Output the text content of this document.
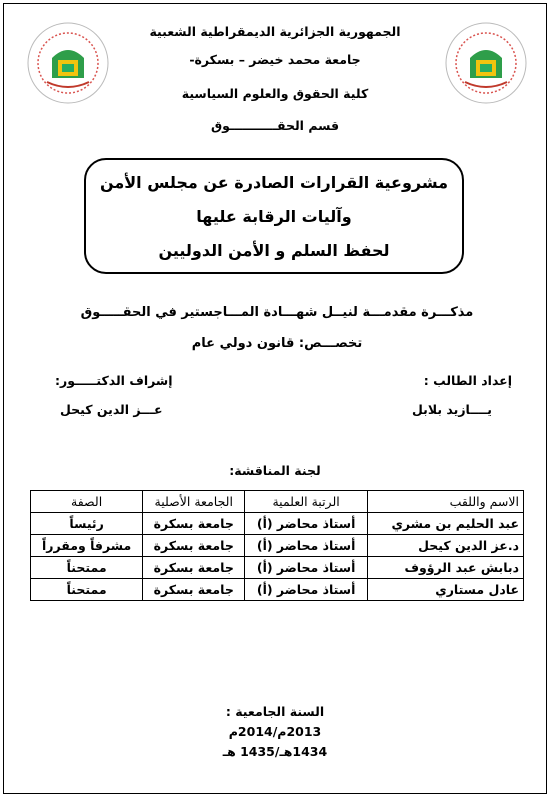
الجمهورية الجزائرية الديمقراطية الشعبية
جامعة محمد خيضر – بسكرة-
كلية الحقوق والعلوم السياسية
قسم الحقـــــــــــوق
مشروعية القرارات الصادرة عن مجلس الأمن
وآليات الرقابة عليها
لحفظ السلم و الأمن الدوليين
مذكـــرة مقدمـــة لنيــل شهـــادة المـــاجستير في الحقـــــوق
تخصـــص: قانون دولي عام
إعداد الطالب :
يــــازيد بلابل
إشراف الدكتـــــور:
عـــز الدين كيحل
لجنة المناقشة:
الاسم واللقب	الرتبة العلمية	الجامعة الأصلية	الصفة
عبد الحليم بن مشري	أستاذ محاضر (أ)	جامعة بسكرة	رئيساً
د.عز الدين كيحل	أستاذ محاضر (أ)	جامعة بسكرة	مشرفاً ومقرراً
دبابش عبد الرؤوف	أستاذ محاضر (أ)	جامعة بسكرة	ممتحناً
عادل مستاري	أستاذ محاضر (أ)	جامعة بسكرة	ممتحناً
السنة الجامعية :
2013م/2014م
1434هـ/1435 هـ
